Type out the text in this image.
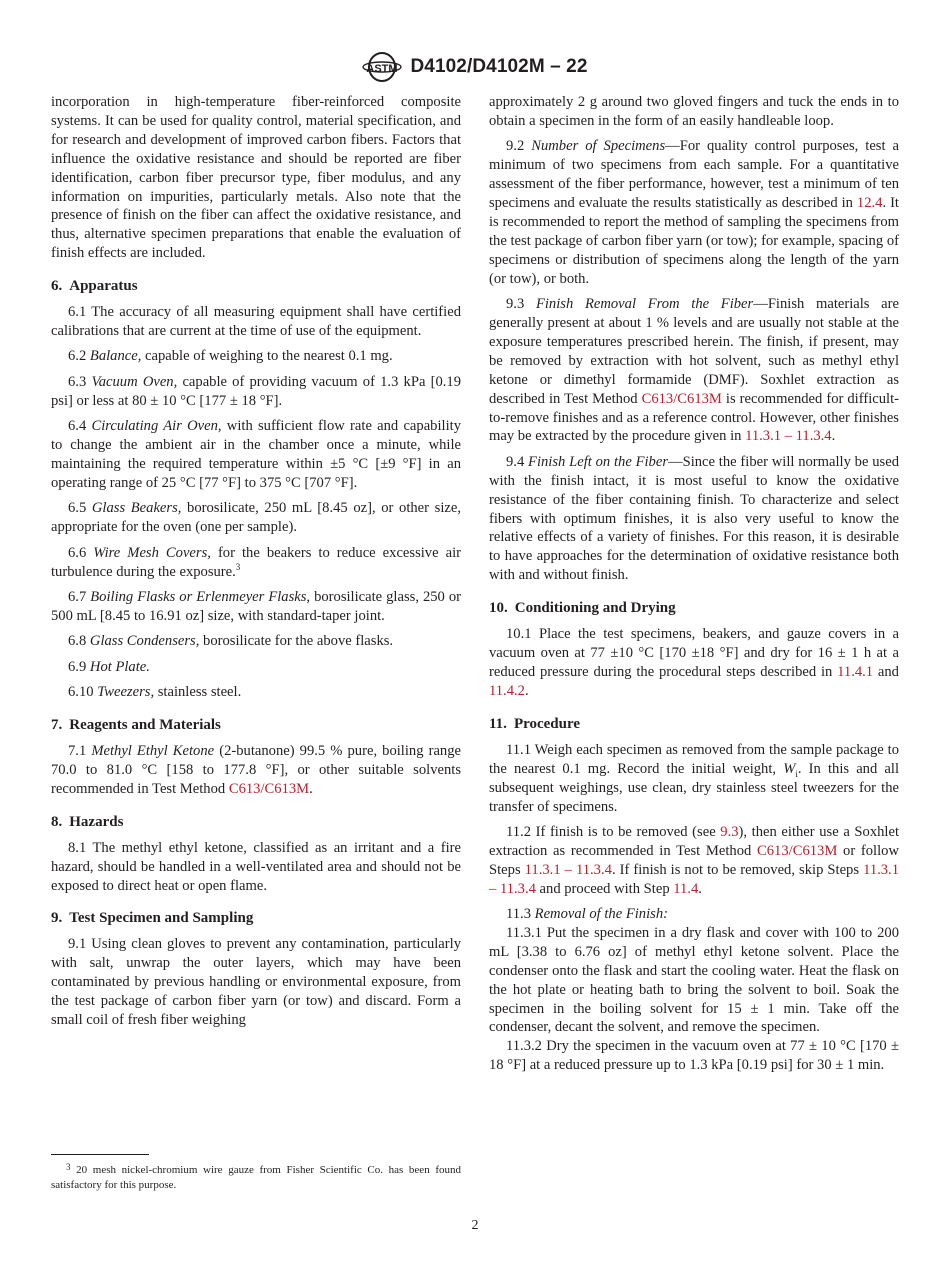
ASTM D4102/D4102M – 22

incorporation in high-temperature fiber-reinforced composite systems. It can be used for quality control, material specification, and for research and development of improved carbon fibers. Factors that influence the oxidative resistance and should be reported are fiber identification, carbon fiber precursor type, fiber modulus, and any information on impurities, particularly metals. Also note that the presence of finish on the fiber can affect the oxidative resistance, and thus, alternative specimen preparations that enable the evaluation of finish effects are included.

6. Apparatus

6.1 The accuracy of all measuring equipment shall have certified calibrations that are current at the time of use of the equipment.

6.2 Balance, capable of weighing to the nearest 0.1 mg.

6.3 Vacuum Oven, capable of providing vacuum of 1.3 kPa [0.19 psi] or less at 80 ± 10 °C [177 ± 18 °F].

6.4 Circulating Air Oven, with sufficient flow rate and capability to change the ambient air in the chamber once a minute, while maintaining the required temperature within ±5 °C [±9 °F] in an operating range of 25 °C [77 °F] to 375 °C [707 °F].

6.5 Glass Beakers, borosilicate, 250 mL [8.45 oz], or other size, appropriate for the oven (one per sample).

6.6 Wire Mesh Covers, for the beakers to reduce excessive air turbulence during the exposure.$^3$

6.7 Boiling Flasks or Erlenmeyer Flasks, borosilicate glass, 250 or 500 mL [8.45 to 16.91 oz] size, with standard-taper joint.

6.8 Glass Condensers, borosilicate for the above flasks.

6.9 Hot Plate.

6.10 Tweezers, stainless steel.

7. Reagents and Materials

7.1 Methyl Ethyl Ketone (2-butanone) 99.5 % pure, boiling range 70.0 to 81.0 °C [158 to 177.8 °F], or other suitable solvents recommended in Test Method C613/C613M.

8. Hazards

8.1 The methyl ethyl ketone, classified as an irritant and a fire hazard, should be handled in a well-ventilated area and should not be exposed to direct heat or open flame.

9. Test Specimen and Sampling

9.1 Using clean gloves to prevent any contamination, particularly with salt, unwrap the outer layers, which may have been contaminated by previous handling or environmental exposure, from the test package of carbon fiber yarn (or tow) and discard. Form a small coil of fresh fiber weighing

$^3$ 20 mesh nickel-chromium wire gauze from Fisher Scientific Co. has been found satisfactory for this purpose.

approximately 2 g around two gloved fingers and tuck the ends in to obtain a specimen in the form of an easily handleable loop.

9.2 Number of Specimens—For quality control purposes, test a minimum of two specimens from each sample. For a quantitative assessment of the fiber performance, however, test a minimum of ten specimens and evaluate the results statistically as described in 12.4. It is recommended to report the method of sampling the specimens from the test package of carbon fiber yarn (or tow); for example, spacing of specimens or distribution of specimens along the length of the yarn (or tow), or both.

9.3 Finish Removal From the Fiber—Finish materials are generally present at about 1 % levels and are usually not stable at the exposure temperatures prescribed herein. The finish, if present, may be removed by extraction with hot solvent, such as methyl ethyl ketone or dimethyl formamide (DMF). Soxhlet extraction as described in Test Method C613/C613M is recommended for difficult-to-remove finishes and as a reference control. However, other finishes may be extracted by the procedure given in 11.3.1 – 11.3.4.

9.4 Finish Left on the Fiber—Since the fiber will normally be used with the finish intact, it is most useful to know the oxidative resistance of the fiber containing finish. To characterize and select fibers with optimum finishes, it is also very useful to know the relative effects of a variety of finishes. For this reason, it is desirable to have approaches for the determination of oxidative resistance both with and without finish.

10. Conditioning and Drying

10.1 Place the test specimens, beakers, and gauze covers in a vacuum oven at 77 ±10 °C [170 ±18 °F] and dry for 16 ± 1 h at a reduced pressure during the procedural steps described in 11.4.1 and 11.4.2.

11. Procedure

11.1 Weigh each specimen as removed from the sample package to the nearest 0.1 mg. Record the initial weight, $W_i$. In this and all subsequent weighings, use clean, dry stainless steel tweezers for the transfer of specimens.

11.2 If finish is to be removed (see 9.3), then either use a Soxhlet extraction as recommended in Test Method C613/C613M or follow Steps 11.3.1 – 11.3.4. If finish is not to be removed, skip Steps 11.3.1 – 11.3.4 and proceed with Step 11.4.

11.3 Removal of the Finish:

11.3.1 Put the specimen in a dry flask and cover with 100 to 200 mL [3.38 to 6.76 oz] of methyl ethyl ketone solvent. Place the condenser onto the flask and start the cooling water. Heat the flask on the hot plate or heating bath to bring the solvent to boil. Soak the specimen in the boiling solvent for 15 ± 1 min. Take off the condenser, decant the solvent, and remove the specimen.

11.3.2 Dry the specimen in the vacuum oven at 77 ± 10 °C [170 ± 18 °F] at a reduced pressure up to 1.3 kPa [0.19 psi] for 30 ± 1 min.

2
